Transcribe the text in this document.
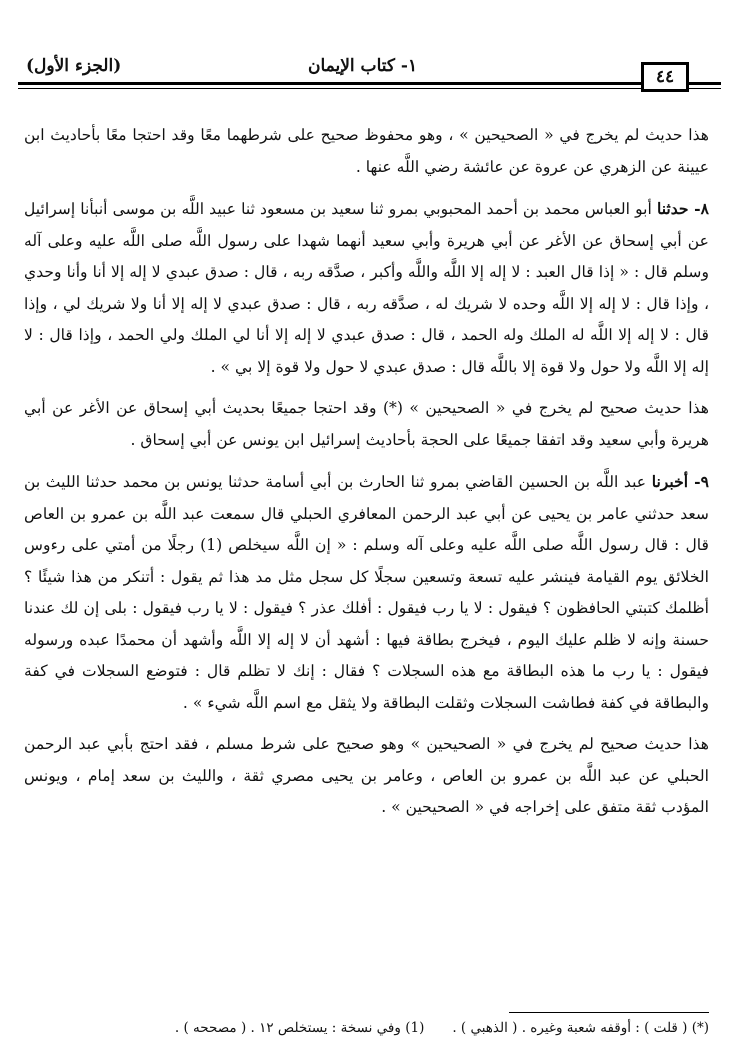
(الجزء الأول)	١- كتاب الإيمان
٤٤

هذا حديث لم يخرج في « الصحيحين » ، وهو محفوظ صحيح على شرطهما معًا وقد احتجا معًا بأحاديث ابن عيينة عن الزهري عن عروة عن عائشة رضي اللَّه عنها .

٨- حدثنا أبو العباس محمد بن أحمد المحبوبي بمرو ثنا سعيد بن مسعود ثنا عبيد اللَّه بن موسى أنبأنا إسرائيل عن أبي إسحاق عن الأغر عن أبي هريرة وأبي سعيد أنهما شهدا على رسول اللَّه صلى اللَّه عليه وعلى آله وسلم قال : « إذا قال العبد : لا إله إلا اللَّه واللَّه وأكبر ، صدَّقه ربه ، قال : صدق عبدي لا إله إلا أنا وأنا وحدي ، وإذا قال : لا إله إلا اللَّه وحده لا شريك له ، صدَّقه ربه ، قال : صدق عبدي لا إله إلا أنا ولا شريك لي ، وإذا قال : لا إله إلا اللَّه له الملك وله الحمد ، قال : صدق عبدي لا إله إلا أنا لي الملك ولي الحمد ، وإذا قال : لا إله إلا اللَّه ولا حول ولا قوة إلا باللَّه قال : صدق عبدي لا حول ولا قوة إلا بي » .

هذا حديث صحيح لم يخرج في « الصحيحين » (*) وقد احتجا جميعًا بحديث أبي إسحاق عن الأغر عن أبي هريرة وأبي سعيد وقد اتفقا جميعًا على الحجة بأحاديث إسرائيل ابن يونس عن أبي إسحاق .

٩- أخبرنا عبد اللَّه بن الحسين القاضي بمرو ثنا الحارث بن أبي أسامة حدثنا يونس بن محمد حدثنا الليث بن سعد حدثني عامر بن يحيى عن أبي عبد الرحمن المعافري الحبلي قال سمعت عبد اللَّه بن عمرو بن العاص قال : قال رسول اللَّه صلى اللَّه عليه وعلى آله وسلم : « إن اللَّه سيخلص (1) رجلًا من أمتي على رءوس الخلائق يوم القيامة فينشر عليه تسعة وتسعين سجلًا كل سجل مثل مد هذا ثم يقول : أتنكر من هذا شيئًا ؟ أظلمك كتبتي الحافظون ؟ فيقول : لا يا رب فيقول : أفلك عذر ؟ فيقول : لا يا رب فيقول : بلى إن لك عندنا حسنة وإنه لا ظلم عليك اليوم ، فيخرج بطاقة فيها : أشهد أن لا إله إلا اللَّه وأشهد أن محمدًا عبده ورسوله فيقول : يا رب ما هذه البطاقة مع هذه السجلات ؟ فقال : إنك لا تظلم قال : فتوضع السجلات في كفة والبطاقة في كفة فطاشت السجلات وثقلت البطاقة ولا يثقل مع اسم اللَّه شيء » .

هذا حديث صحيح لم يخرج في « الصحيحين » وهو صحيح على شرط مسلم ، فقد احتج بأبي عبد الرحمن الحبلي عن عبد اللَّه بن عمرو بن العاص ، وعامر بن يحيى مصري ثقة ، والليث بن سعد إمام ، ويونس المؤدب ثقة متفق على إخراجه في « الصحيحين » .

(*) ( قلت ) : أوقفه شعبة وغيره . ( الذهبي ) .(1) وفي نسخة : يستخلص ١٢ . ( مصححه ) .
